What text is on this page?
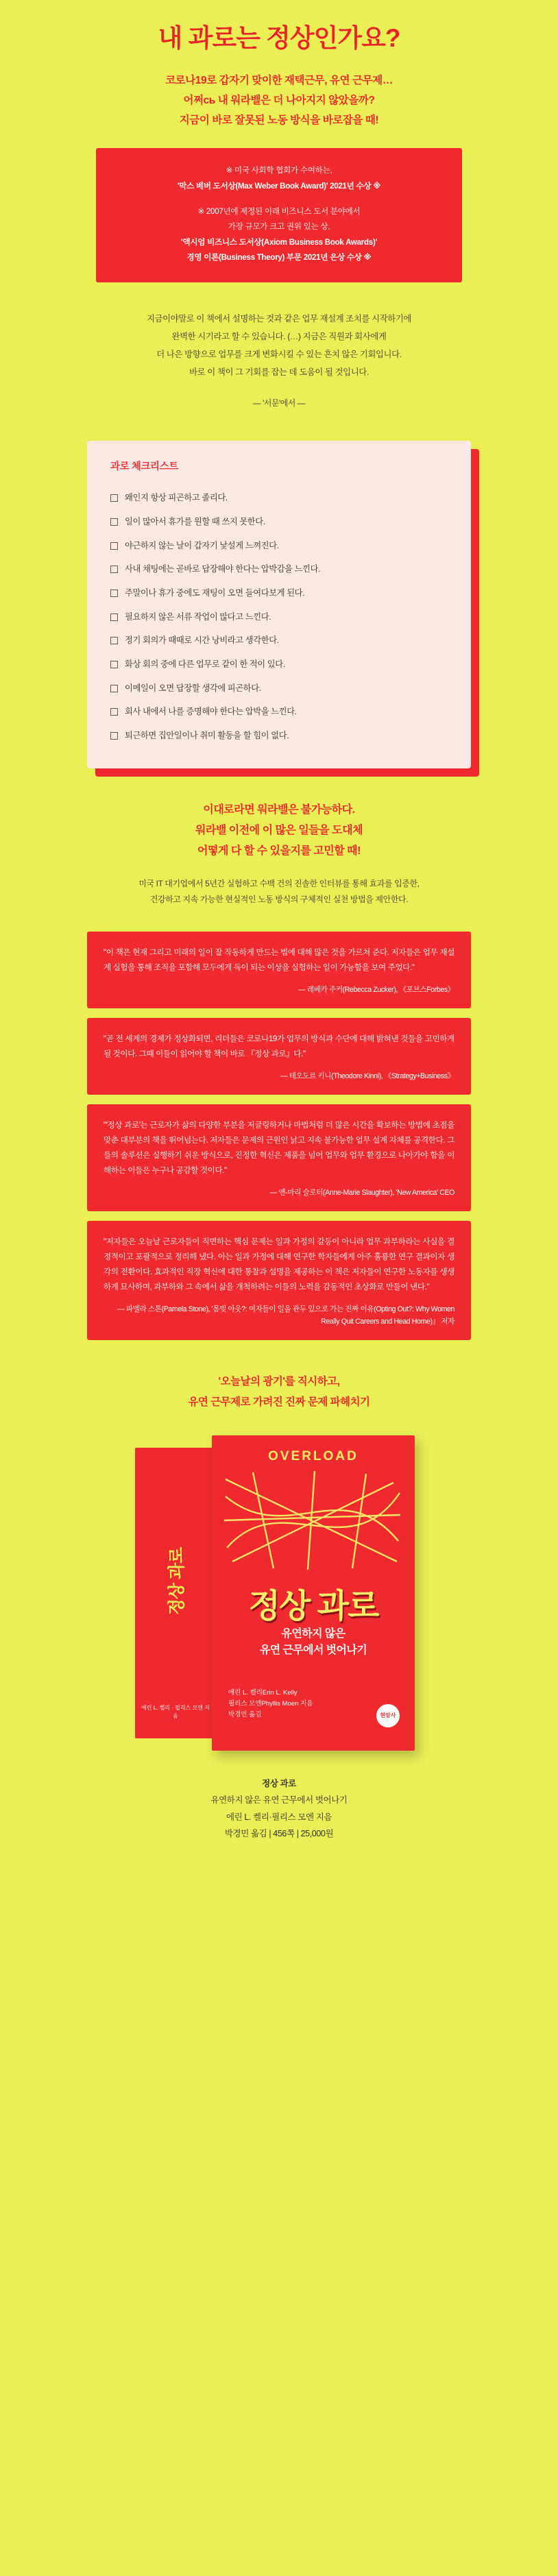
내 과로는 정상인가요?
코로나19로 갑자기 맞이한 재택근무, 유연 근무제…
어쩌сь 내 워라밸은 더 나아지지 않았을까?
지금이 바로 잘못된 노동 방식을 바로잡을 때!
※ 미국 사회학 협회가 수여하는,
'막스 베버 도서상(Max Weber Book Award)' 2021년 수상 ※
※ 2007년에 제정된 이래 비즈니스 도서 분야에서
가장 규모가 크고 권위 있는 상,
'액시엄 비즈니스 도서상(Axiom Business Book Awards)'
경영 이론(Business Theory) 부문 2021년 은상 수상 ※
지금이야말로 이 책에서 설명하는 것과 같은 업무 재설계 조치를 시작하기에
완벽한 시기라고 할 수 있습니다. (…) 지금은 직원과 회사에게
더 나은 방향으로 업무를 크게 변화시킬 수 있는 흔치 않은 기회입니다.
바로 이 책이 그 기회를 잡는 데 도움이 될 것입니다.
— '서문'에서 —
과로 체크리스트
왜인지 항상 피곤하고 졸리다.
일이 많아서 휴가를 원할 때 쓰지 못한다.
야근하지 않는 날이 갑자기 낯설게 느껴진다.
사내 채팅에는 곧바로 답장해야 한다는 압박감을 느낀다.
주말이나 휴가 중에도 재팅이 오면 들여다보게 된다.
필요하지 않은 서류 작업이 많다고 느낀다.
정기 회의가 때때로 시간 낭비라고 생각한다.
화상 회의 중에 다른 업무로 같이 한 적이 있다.
이메일이 오면 답장할 생각에 피곤하다.
회사 내에서 나를 증명해야 한다는 압박을 느낀다.
퇴근하면 집안일이나 취미 활동을 할 힘이 없다.
이대로라면 워라밸은 불가능하다.
워라밸 이전에 이 많은 일들을 도대체
어떻게 다 할 수 있을지를 고민할 때!
미국 IT 대기업에서 5년간 실험하고 수백 건의 진솔한 인터뷰를 통해 효과를 입증한,
건강하고 지속 가능한 현실적인 노동 방식의 구체적인 실천 방법을 제안한다.
"이 책은 현재 그리고 미래의 일이 잘 작동하게 만드는 법에 대해 많은 것을 가르쳐 준다. 저자들은 업무 재설계 실험을 통해 조직을 포함해 모두에게 득이 되는 이상을 실험하는 일이 가능함을 보여 주었다."
— 레베카 주커(Rebecca Zucker), 《포브스Forbes》
"곧 전 세계의 경제가 정상화되면, 리더들은 코로나19가 업무의 방식과 수단에 대해 밝혀낸 것들을 고민하게 될 것이다. 그때 이들이 읽어야 할 책이 바로 『정상 과로』다."
— 테오도르 키니(Theodore Kinni), 《Strategy+Business》
"'정상 과로'는 근로자가 삶의 다양한 부분을 저글링하거나 마법처럼 더 많은 시간을 확보하는 방법에 초점을 맞춘 대부분의 책을 뛰어넘는다. 저자들은 문제의 근원인 낡고 지속 불가능한 업무 설계 자체를 공격한다. 그들의 솔루션은 실행하기 쉬운 방식으로, 진정한 혁신은 제품을 넘어 업무와 업무 환경으로 나아가야 함을 이해하는 이들은 누구나 공감할 것이다."
— 앤-마리 슬로터(Anne-Marie Slaughter), 'New America' CEO
"저자들은 오늘날 근로자들이 직면하는 핵심 문제는 일과 가정의 갈등이 아니라 업무 과부하라는 사실을 결정적이고 포괄적으로 정리해 냈다. 아는 일과 가정에 대해 연구한 학자들에게 아주 훌륭한 연구 결과이자 생각의 전환이다. 효과적인 직장 혁신에 대한 통찰과 설명을 제공하는 이 책은 저자들이 연구한 노동자를 생생하게 묘사하며, 과부하와 그 속에서 삶을 개척하려는 이들의 노력을 감동적인 초상화로 만들어 낸다."
— 파멜라 스톤(Pamela Stone), '몸빚 아웃?: 여자들이 일을 관두 있으로 가는 진짜 이유(Opting Out?: Why Women Really Quit Careers and Head Home)』 저자
'오늘날의 광기'를 직시하고,
유연 근무제로 가려진 진짜 문제 파헤치기
정상 과로
에린 L. 켈리 · 필리스 모엔 지음
OVERLOAD
정상 과로
유연하지 않은
유연 근무에서 벗어나기
에린 L. 켈리Erin L. Kelly
필리스 모엔Phyllis Moen 지음
박경민 옮김	현암사
정상 과로
유연하지 않은 유연 근무에서 벗어나기
에린 L. 켈리·필리스 모엔 지음
박경민 옮김 | 456쪽 | 25,000원
